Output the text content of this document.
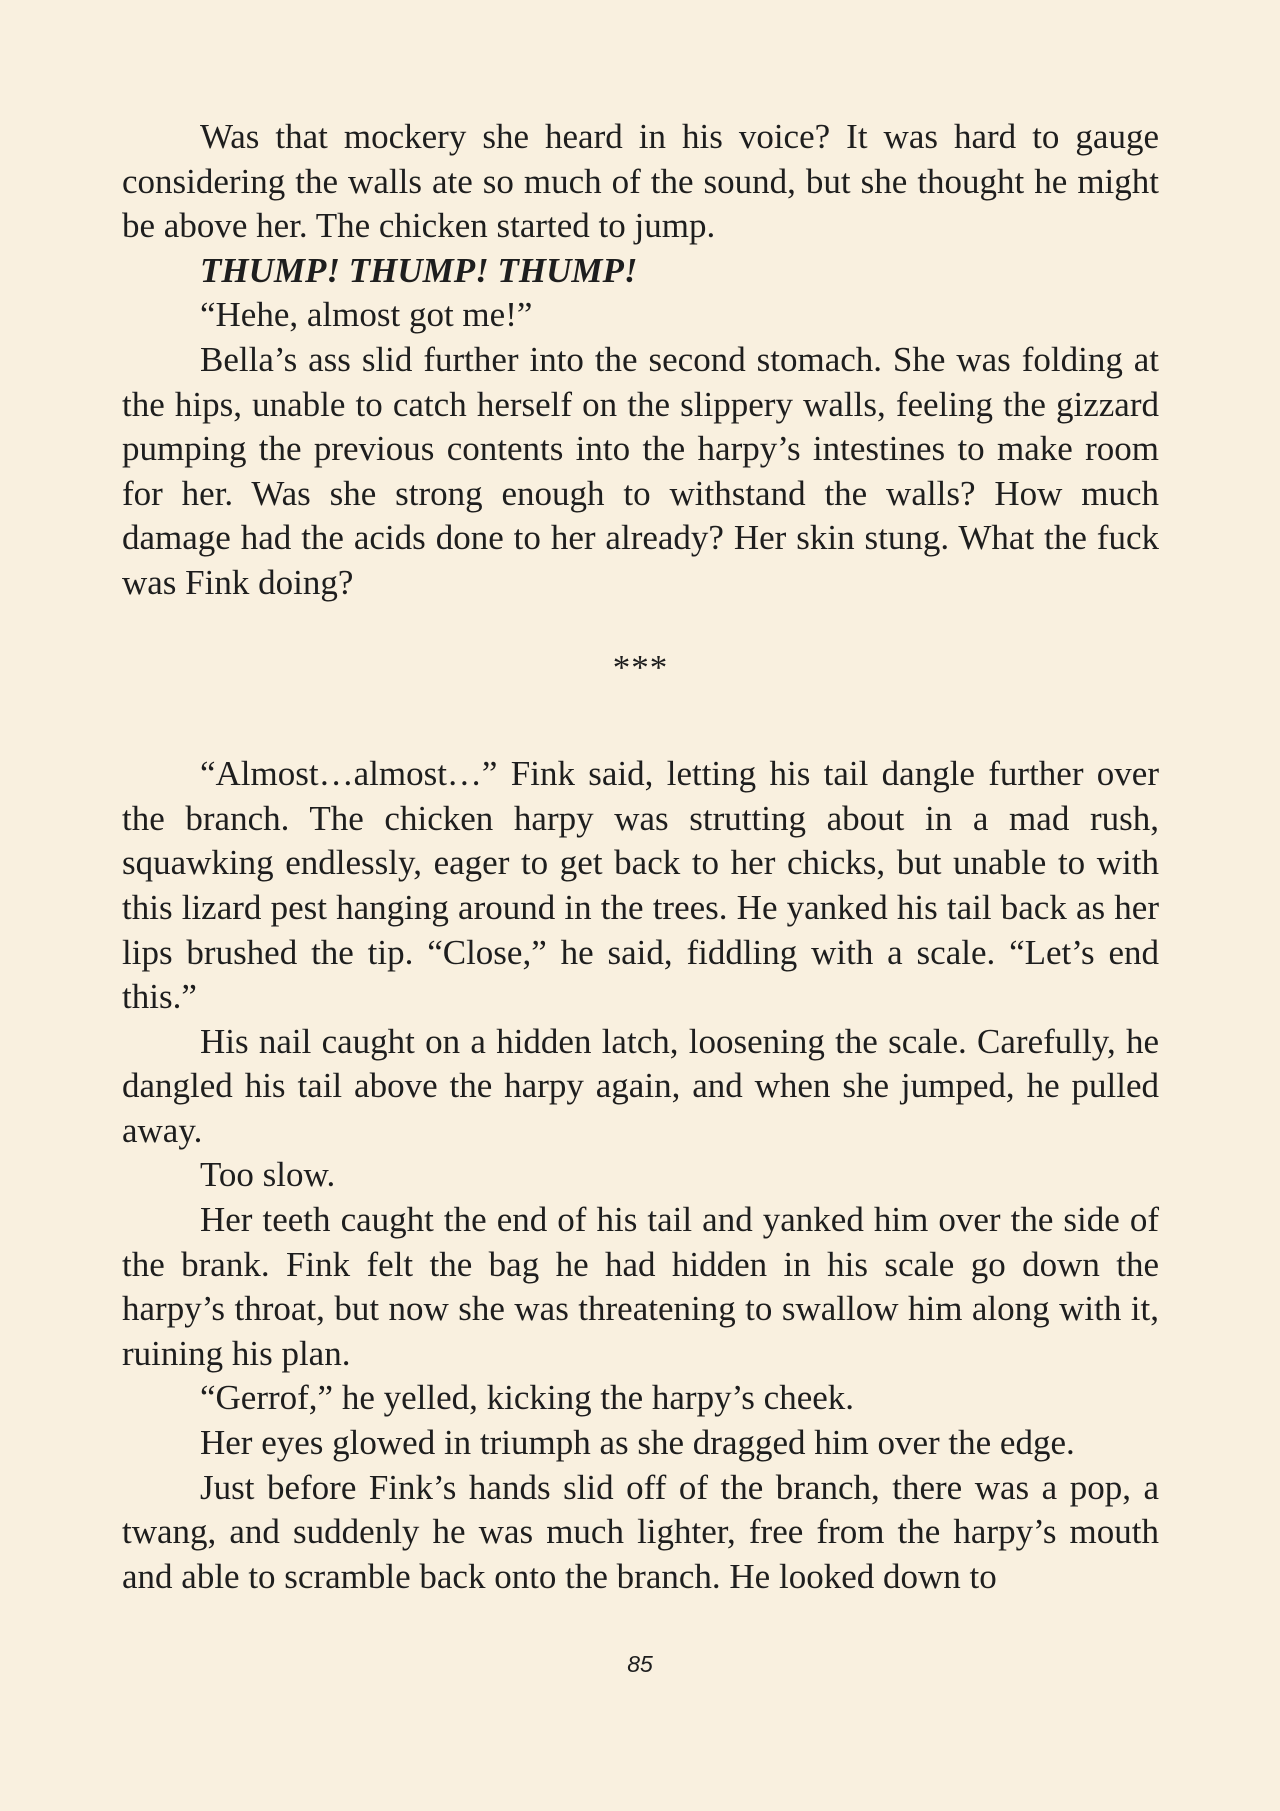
Was that mockery she heard in his voice? It was hard to gauge considering the walls ate so much of the sound, but she thought he might be above her. The chicken started to jump.

THUMP! THUMP! THUMP!

“Hehe, almost got me!”

Bella’s ass slid further into the second stomach. She was folding at the hips, unable to catch herself on the slippery walls, feeling the gizzard pumping the previous contents into the harpy’s intestines to make room for her. Was she strong enough to withstand the walls? How much damage had the acids done to her already? Her skin stung. What the fuck was Fink doing?

***

“Almost…almost…” Fink said, letting his tail dangle further over the branch. The chicken harpy was strutting about in a mad rush, squawking endlessly, eager to get back to her chicks, but unable to with this lizard pest hanging around in the trees. He yanked his tail back as her lips brushed the tip. “Close,” he said, fiddling with a scale. “Let’s end this.”

His nail caught on a hidden latch, loosening the scale. Carefully, he dangled his tail above the harpy again, and when she jumped, he pulled away.

Too slow.

Her teeth caught the end of his tail and yanked him over the side of the brank. Fink felt the bag he had hidden in his scale go down the harpy’s throat, but now she was threatening to swallow him along with it, ruining his plan.

“Gerrof,” he yelled, kicking the harpy’s cheek.

Her eyes glowed in triumph as she dragged him over the edge.

Just before Fink’s hands slid off of the branch, there was a pop, a twang, and suddenly he was much lighter, free from the harpy’s mouth and able to scramble back onto the branch. He looked down to

85
